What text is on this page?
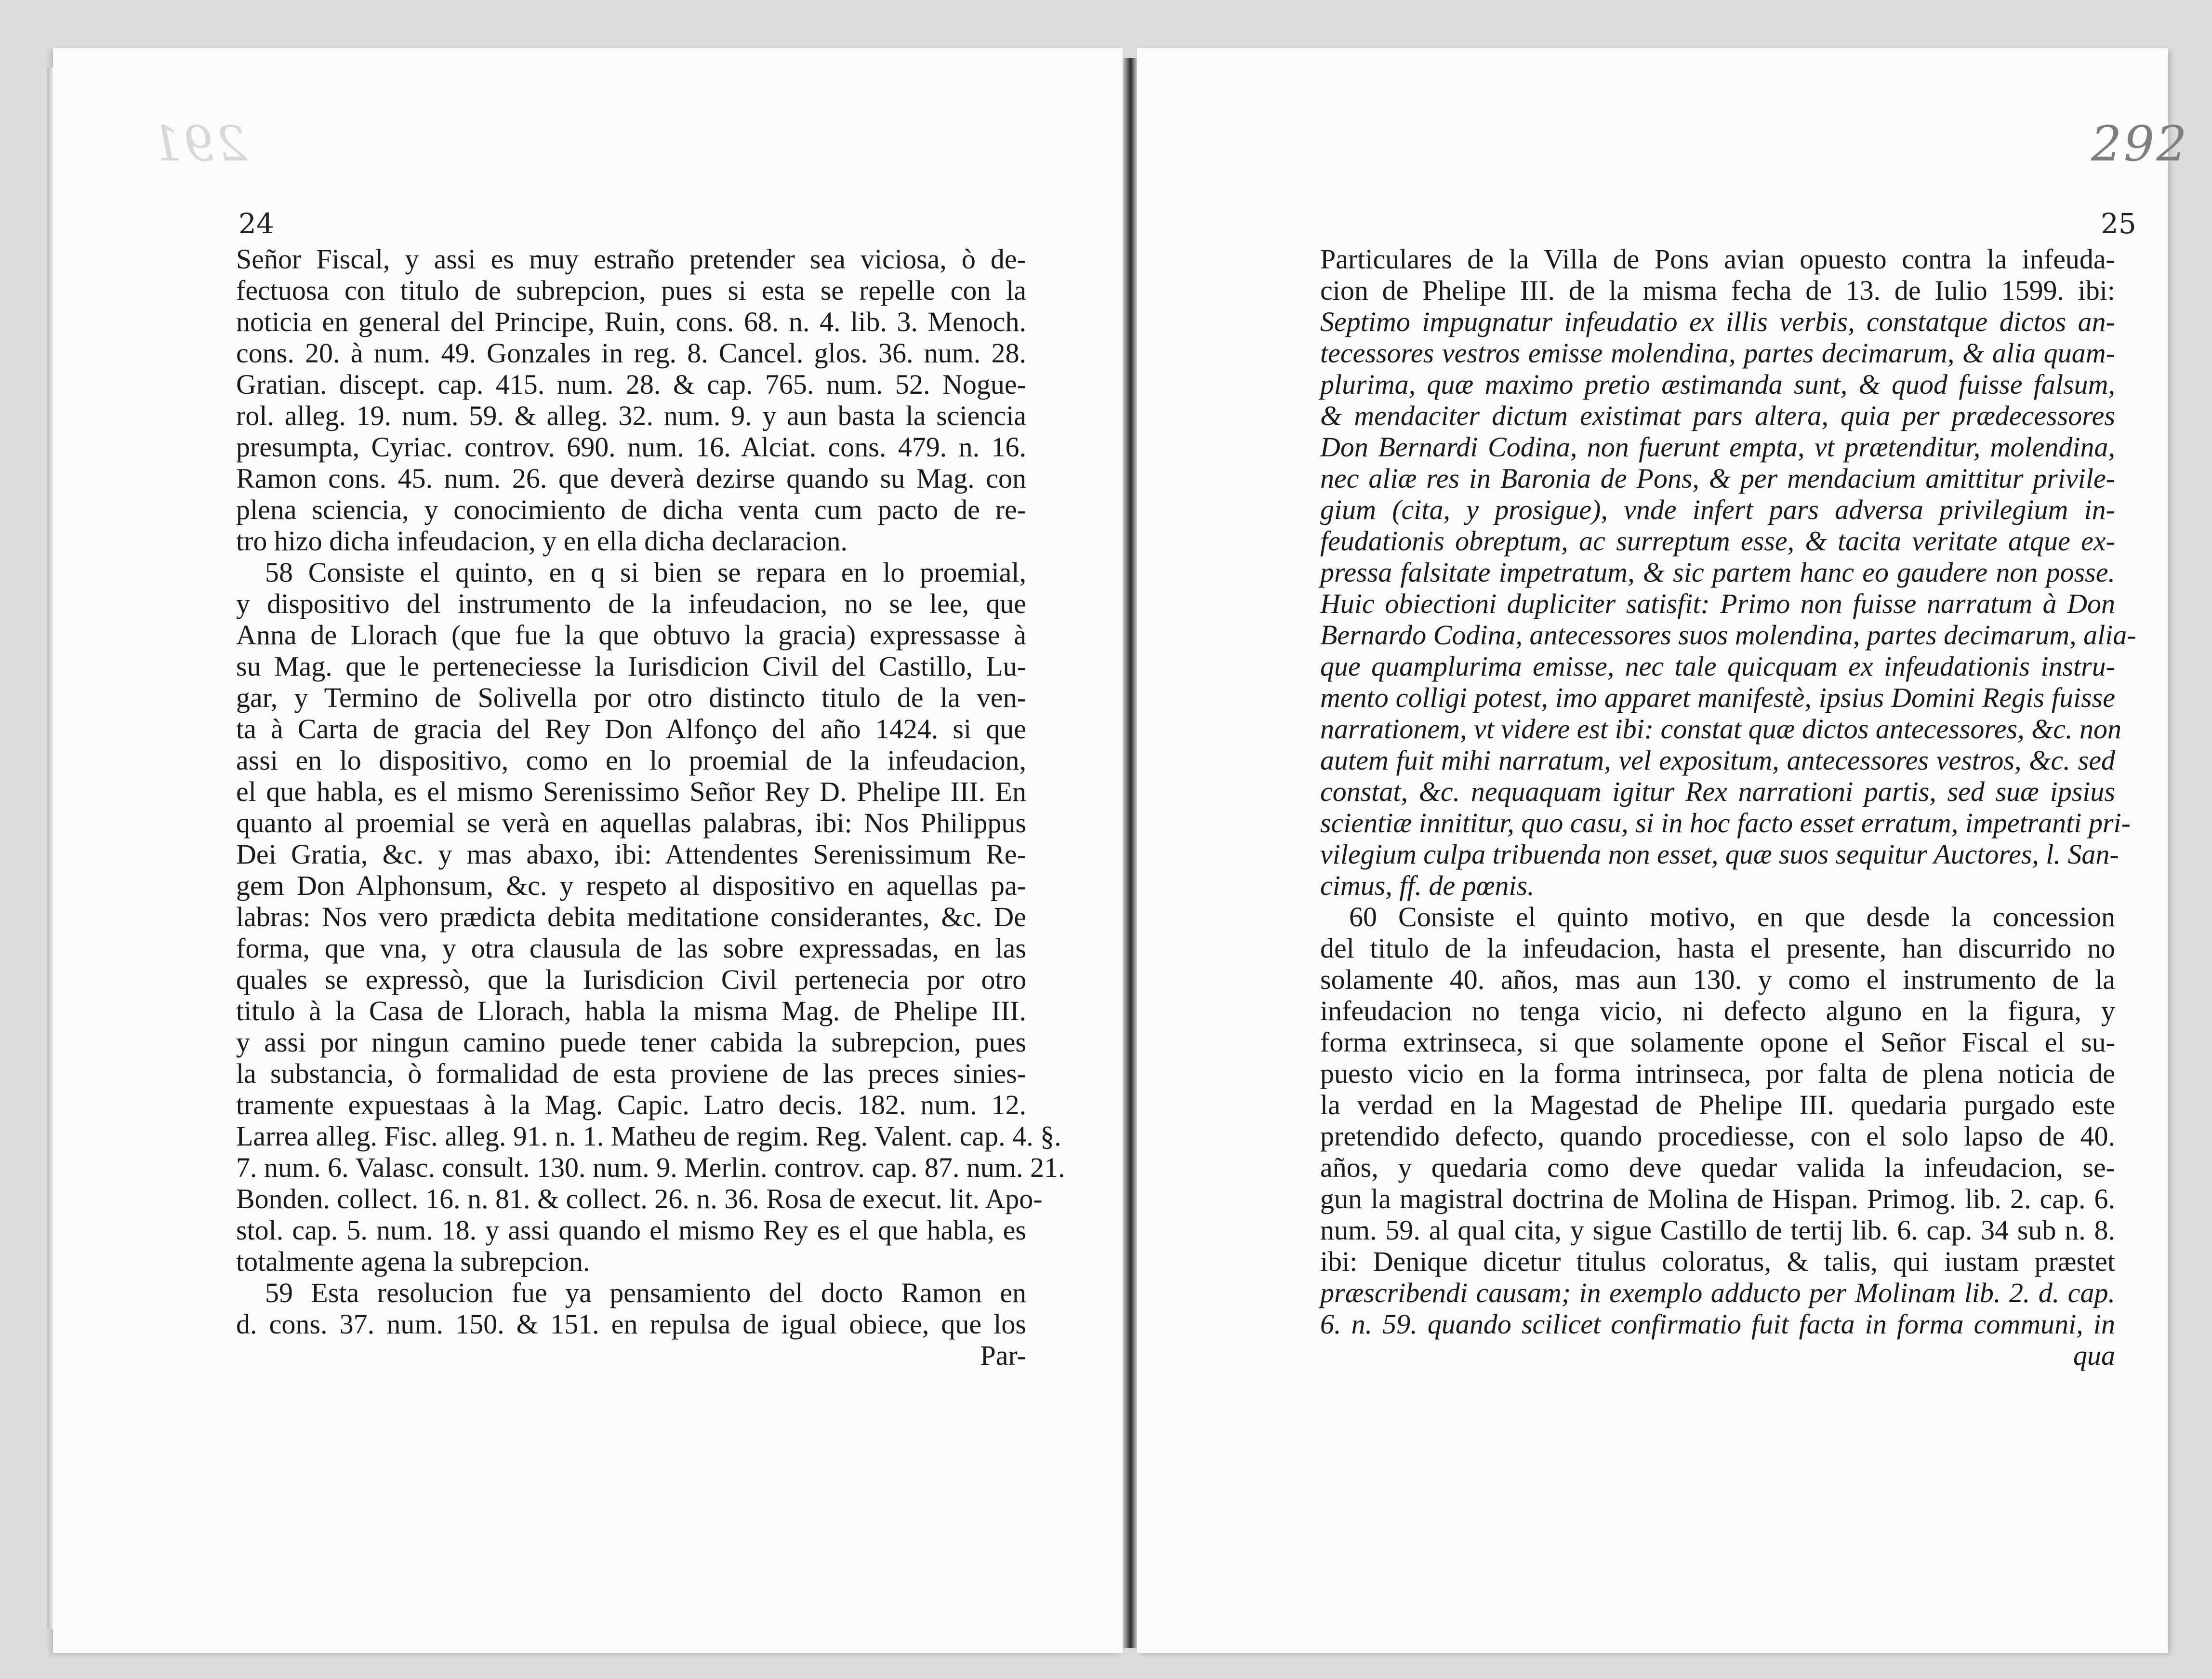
291
24
Señor Fiscal, y assi es muy estraño pretender sea viciosa, ò de-
fectuosa con titulo de subrepcion, pues si esta se repelle con la
noticia en general del Principe, Ruin, cons. 68. n. 4. lib. 3. Menoch.
cons. 20. à num. 49. Gonzales in reg. 8. Cancel. glos. 36. num. 28.
Gratian. discept. cap. 415. num. 28. & cap. 765. num. 52. Nogue-
rol. alleg. 19. num. 59. & alleg. 32. num. 9. y aun basta la sciencia
presumpta, Cyriac. controv. 690. num. 16. Alciat. cons. 479. n. 16.
Ramon cons. 45. num. 26. que deverà dezirse quando su Mag. con
plena sciencia, y conocimiento de dicha venta cum pacto de re-
tro hizo dicha infeudacion, y en ella dicha declaracion.
58 Consiste el quinto, en q si bien se repara en lo proemial,
y dispositivo del instrumento de la infeudacion, no se lee, que
Anna de Llorach (que fue la que obtuvo la gracia) expressasse à
su Mag. que le perteneciesse la Iurisdicion Civil del Castillo, Lu-
gar, y Termino de Solivella por otro distincto titulo de la ven-
ta à Carta de gracia del Rey Don Alfonço del año 1424. si que
assi en lo dispositivo, como en lo proemial de la infeudacion,
el que habla, es el mismo Serenissimo Señor Rey D. Phelipe III. En
quanto al proemial se verà en aquellas palabras, ibi: Nos Philippus
Dei Gratia, &c. y mas abaxo, ibi: Attendentes Serenissimum Re-
gem Don Alphonsum, &c. y respeto al dispositivo en aquellas pa-
labras: Nos vero prædicta debita meditatione considerantes, &c. De
forma, que vna, y otra clausula de las sobre expressadas, en las
quales se expressò, que la Iurisdicion Civil pertenecia por otro
titulo à la Casa de Llorach, habla la misma Mag. de Phelipe III.
y assi por ningun camino puede tener cabida la subrepcion, pues
la substancia, ò formalidad de esta proviene de las preces sinies-
tramente expuestaas à la Mag. Capic. Latro decis. 182. num. 12.
Larrea alleg. Fisc. alleg. 91. n. 1. Matheu de regim. Reg. Valent. cap. 4. §.
7. num. 6. Valasc. consult. 130. num. 9. Merlin. controv. cap. 87. num. 21.
Bonden. collect. 16. n. 81. & collect. 26. n. 36. Rosa de execut. lit. Apo-
stol. cap. 5. num. 18. y assi quando el mismo Rey es el que habla, es
totalmente agena la subrepcion.
59 Esta resolucion fue ya pensamiento del docto Ramon en
d. cons. 37. num. 150. & 151. en repulsa de igual obiece, que los
Par-
292
25
Particulares de la Villa de Pons avian opuesto contra la infeuda-
cion de Phelipe III. de la misma fecha de 13. de Iulio 1599. ibi:
Septimo impugnatur infeudatio ex illis verbis, constatque dictos an-
tecessores vestros emisse molendina, partes decimarum, & alia quam-
plurima, quæ maximo pretio æstimanda sunt, & quod fuisse falsum,
& mendaciter dictum existimat pars altera, quia per prædecessores
Don Bernardi Codina, non fuerunt empta, vt prætenditur, molendina,
nec aliæ res in Baronia de Pons, & per mendacium amittitur privile-
gium (cita, y prosigue), vnde infert pars adversa privilegium in-
feudationis obreptum, ac surreptum esse, & tacita veritate atque ex-
pressa falsitate impetratum, & sic partem hanc eo gaudere non posse.
Huic obiectioni dupliciter satisfit: Primo non fuisse narratum à Don
Bernardo Codina, antecessores suos molendina, partes decimarum, alia-
que quamplurima emisse, nec tale quicquam ex infeudationis instru-
mento colligi potest, imo apparet manifestè, ipsius Domini Regis fuisse
narrationem, vt videre est ibi: constat quæ dictos antecessores, &c. non
autem fuit mihi narratum, vel expositum, antecessores vestros, &c. sed
constat, &c. nequaquam igitur Rex narrationi partis, sed suæ ipsius
scientiæ innititur, quo casu, si in hoc facto esset erratum, impetranti pri-
vilegium culpa tribuenda non esset, quæ suos sequitur Auctores, l. San-
cimus, ff. de pœnis.
60 Consiste el quinto motivo, en que desde la concession
del titulo de la infeudacion, hasta el presente, han discurrido no
solamente 40. años, mas aun 130. y como el instrumento de la
infeudacion no tenga vicio, ni defecto alguno en la figura, y
forma extrinseca, si que solamente opone el Señor Fiscal el su-
puesto vicio en la forma intrinseca, por falta de plena noticia de
la verdad en la Magestad de Phelipe III. quedaria purgado este
pretendido defecto, quando procediesse, con el solo lapso de 40.
años, y quedaria como deve quedar valida la infeudacion, se-
gun la magistral doctrina de Molina de Hispan. Primog. lib. 2. cap. 6.
num. 59. al qual cita, y sigue Castillo de tertij lib. 6. cap. 34 sub n. 8.
ibi: Denique dicetur titulus coloratus, & talis, qui iustam præstet
præscribendi causam; in exemplo adducto per Molinam lib. 2. d. cap.
6. n. 59. quando scilicet confirmatio fuit facta in forma communi, in
qua
